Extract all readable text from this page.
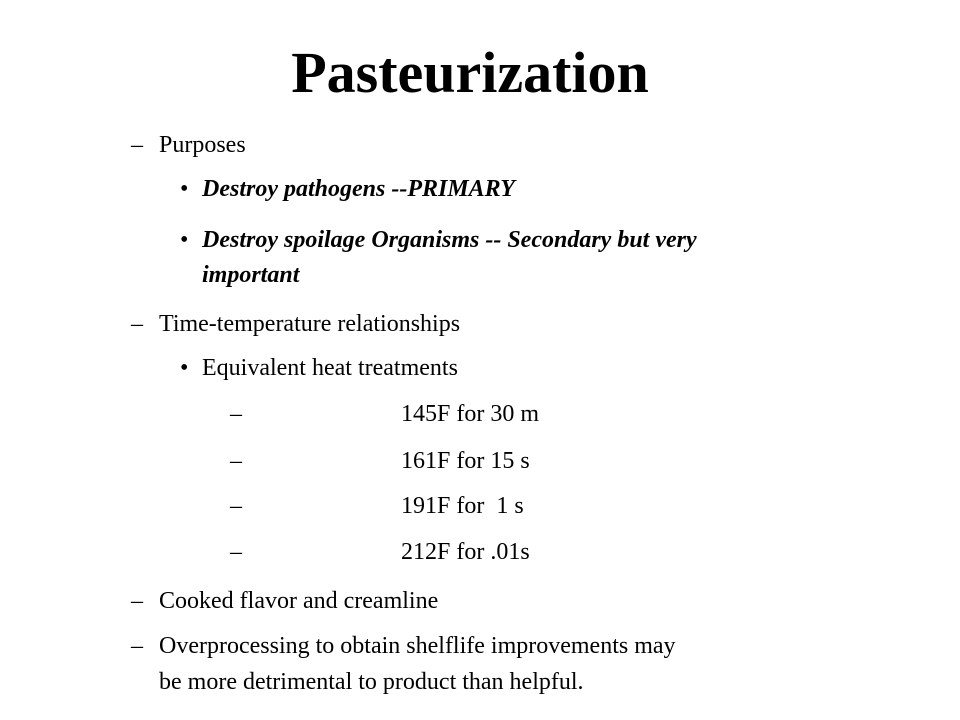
Pasteurization
– Purposes
• Destroy pathogens --PRIMARY
• Destroy spoilage Organisms -- Secondary but very
important
– Time-temperature relationships
• Equivalent heat treatments
–	145F for 30 m
–	161F for 15 s
–	191F for  1 s
–	212F for .01s
– Cooked flavor and creamline
– Overprocessing to obtain shelflife improvements may
be more detrimental to product than helpful.
